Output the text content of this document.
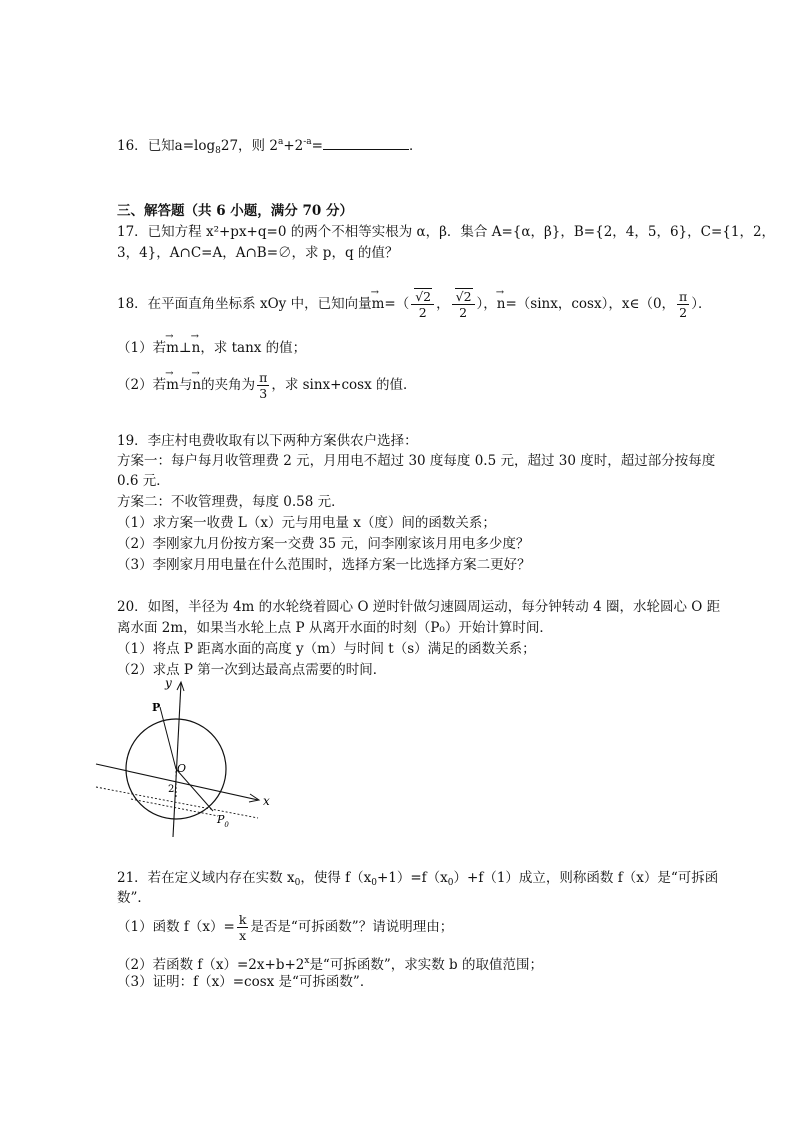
16．已知$a=\log_827$，则 $2^a+2^{-a}=$	．
三、解答题（共 6 小题，满分 70 分）
17．已知方程 x²+px+q=0 的两个不相等实根为 α，β．集合 A={α，β}，B={2，4，5，6}，C={1，2，
3，4}，A∩C=A，A∩B=∅，求 p，q 的值？
18．在平面直角坐标系 xOy 中，已知向量→ $m=( \frac{√2}{2}$ ， $\frac{√2}{2}$ ），→ n=（sinx，cosx），x∈（0， $\frac{\pi}{2}$ ）．
（1）若→ m⊥→ n，求 tanx 的值；
（2）若→ m与→ n的夹角为 $\frac{\pi}{3}$ ，求 sinx+cosx 的值．
19．李庄村电费收取有以下两种方案供农户选择：
方案一：每户每月收管理费 2 元，月用电不超过 30 度每度 0.5 元，超过 30 度时，超过部分按每度
0.6 元．
方案二：不收管理费，每度 0.58 元．
（1）求方案一收费 L（x）元与用电量 x（度）间的函数关系；
（2）李刚家九月份按方案一交费 35 元，问李刚家该月用电多少度？
（3）李刚家月用电量在什么范围时，选择方案一比选择方案二更好？
20．如图，半径为 4m 的水轮绕着圆心 O 逆时针做匀速圆周运动，每分钟转动 4 圈，水轮圆心 O 距
离水面 2m，如果当水轮上点 P 从离开水面的时刻（P₀）开始计算时间．
（1）将点 P 距离水面的高度 y（m）与时间 t（s）满足的函数关系；
（2）求点 P 第一次到达最高点需要的时间．
y
x
P
O
2
$P_0$
21．若在定义域内存在实数 $x_0$，使得 $f(x_0+1)=f(x_0)+f(1)$成立，则称函数 f（x）是“可拆函
数”．
（1）函数 $f(x)= \frac{k}{x}$ 是否是“可拆函数”？请说明理由；
（2）若函数 $f(x)=2x+b+2^x$是“可拆函数”，求实数 b 的取值范围；
（3）证明：f（x）=cosx 是“可拆函数”．
